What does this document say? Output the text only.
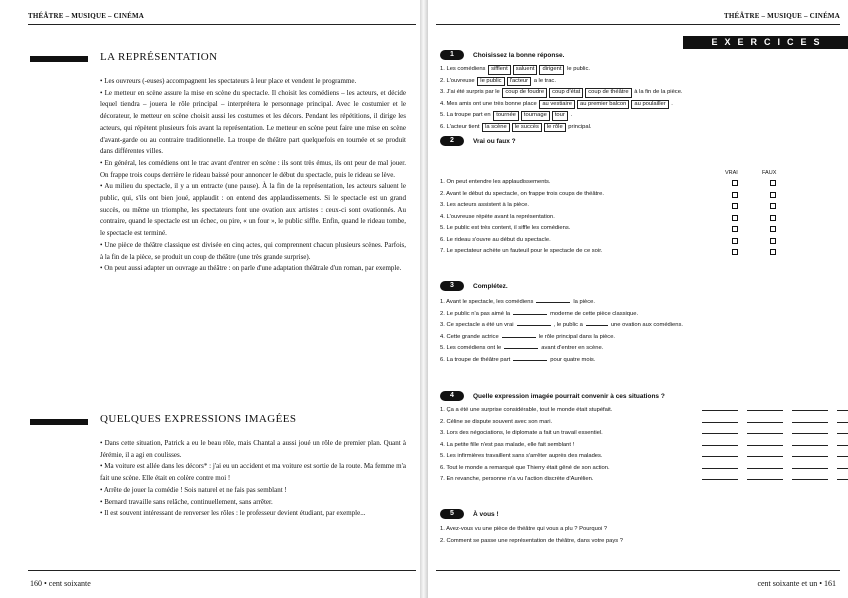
THÉÂTRE – MUSIQUE – CINÉMA
LA REPRÉSENTATION

• Les ouvreurs (-euses) accompagnent les spectateurs à leur place et vendent le programme.

• Le metteur en scène assure la mise en scène du spectacle. Il choisit les comédiens – les acteurs, et décide lequel tiendra – jouera le rôle principal – interprétera le personnage principal. Avec le costumier et le décorateur, le metteur en scène choisit aussi les costumes et les décors. Pendant les répétitions, il dirige les acteurs, qui répètent plusieurs fois avant la représentation. Le metteur en scène peut faire une mise en scène d'avant-garde ou au contraire traditionnelle. La troupe de théâtre part quelquefois en tournée et se produit dans différentes villes.

• En général, les comédiens ont le trac avant d'entrer en scène : ils sont très émus, ils ont peur de mal jouer. On frappe trois coups derrière le rideau baissé pour annoncer le début du spectacle, puis le rideau se lève.

• Au milieu du spectacle, il y a un entracte (une pause). À la fin de la représentation, les acteurs saluent le public, qui, s'ils ont bien joué, applaudit : on entend des applaudissements. Si le spectacle est un grand succès, ou même un triomphe, les spectateurs font une ovation aux artistes : ceux-ci sont ovationnés. Au contraire, quand le spectacle est un échec, ou pire, « un four », le public siffle. Enfin, quand le rideau tombe, le spectacle est terminé.

• Une pièce de théâtre classique est divisée en cinq actes, qui comprennent chacun plusieurs scènes. Parfois, à la fin de la pièce, se produit un coup de théâtre (une très grande surprise).

• On peut aussi adapter un ouvrage au théâtre : on parle d'une adaptation théâtrale d'un roman, par exemple.

QUELQUES EXPRESSIONS IMAGÉES

• Dans cette situation, Patrick a eu le beau rôle, mais Chantal a aussi joué un rôle de premier plan. Quant à Jérémie, il a agi en coulisses.

• Ma voiture est allée dans les décors* : j'ai eu un accident et ma voiture est sortie de la route. Ma femme m'a fait une scène. Elle était en colère contre moi !

• Arrête de jouer la comédie ! Sois naturel et ne fais pas semblant !

• Bernard travaille sans relâche, continuellement, sans arrêter.

• Il est souvent intéressant de renverser les rôles : le professeur devient étudiant, par exemple...

160 • cent soixante
THÉÂTRE – MUSIQUE – CINÉMA
EXERCICES
1	Choisissez la bonne réponse.
1. Les comédiens sifflent saluent dirigent le public.
2. L'ouvreuse le public l'acteur a le trac.
3. J'ai été surpris par le coup de foudre coup d'état coup de théâtre à la fin de la pièce.
4. Mes amis ont une très bonne place au vestiaire au premier balcon au poulailler .
5. La troupe part en tournée tournage tour .
6. L'acteur tient la scène le succès le rôle principal.
2	Vrai ou faux ?
VRAI	FAUX
1. On peut entendre les applaudissements.
2. Avant le début du spectacle, on frappe trois coups de théâtre.
3. Les acteurs assistent à la pièce.
4. L'ouvreuse répète avant la représentation.
5. Le public est très content, il siffle les comédiens.
6. Le rideau s'ouvre au début du spectacle.
7. Le spectateur achète un fauteuil pour le spectacle de ce soir.
3	Complétez.
1. Avant le spectacle, les comédiens	la pièce.
2. Le public n'a pas aimé la	moderne de cette pièce classique.
3. Ce spectacle a été un vrai	, le public a	une ovation aux comédiens.
4. Cette grande actrice	le rôle principal dans la pièce.
5. Les comédiens ont le	avant d'entrer en scène.
6. La troupe de théâtre part	pour quatre mois.
4	Quelle expression imagée pourrait convenir à ces situations ?
1. Ça a été une surprise considérable, tout le monde était stupéfait.
2. Céline se dispute souvent avec son mari.
3. Lors des négociations, le diplomate a fait un travail essentiel.
4. La petite fille n'est pas malade, elle fait semblant !
5. Les infirmières travaillent sans s'arrêter auprès des malades.
6. Tout le monde a remarqué que Thierry était gêné de son action.
7. En revanche, personne n'a vu l'action discrète d'Aurélien.
5	À vous !
1. Avez-vous vu une pièce de théâtre qui vous a plu ? Pourquoi ?
2. Comment se passe une représentation de théâtre, dans votre pays ?
cent soixante et un • 161
